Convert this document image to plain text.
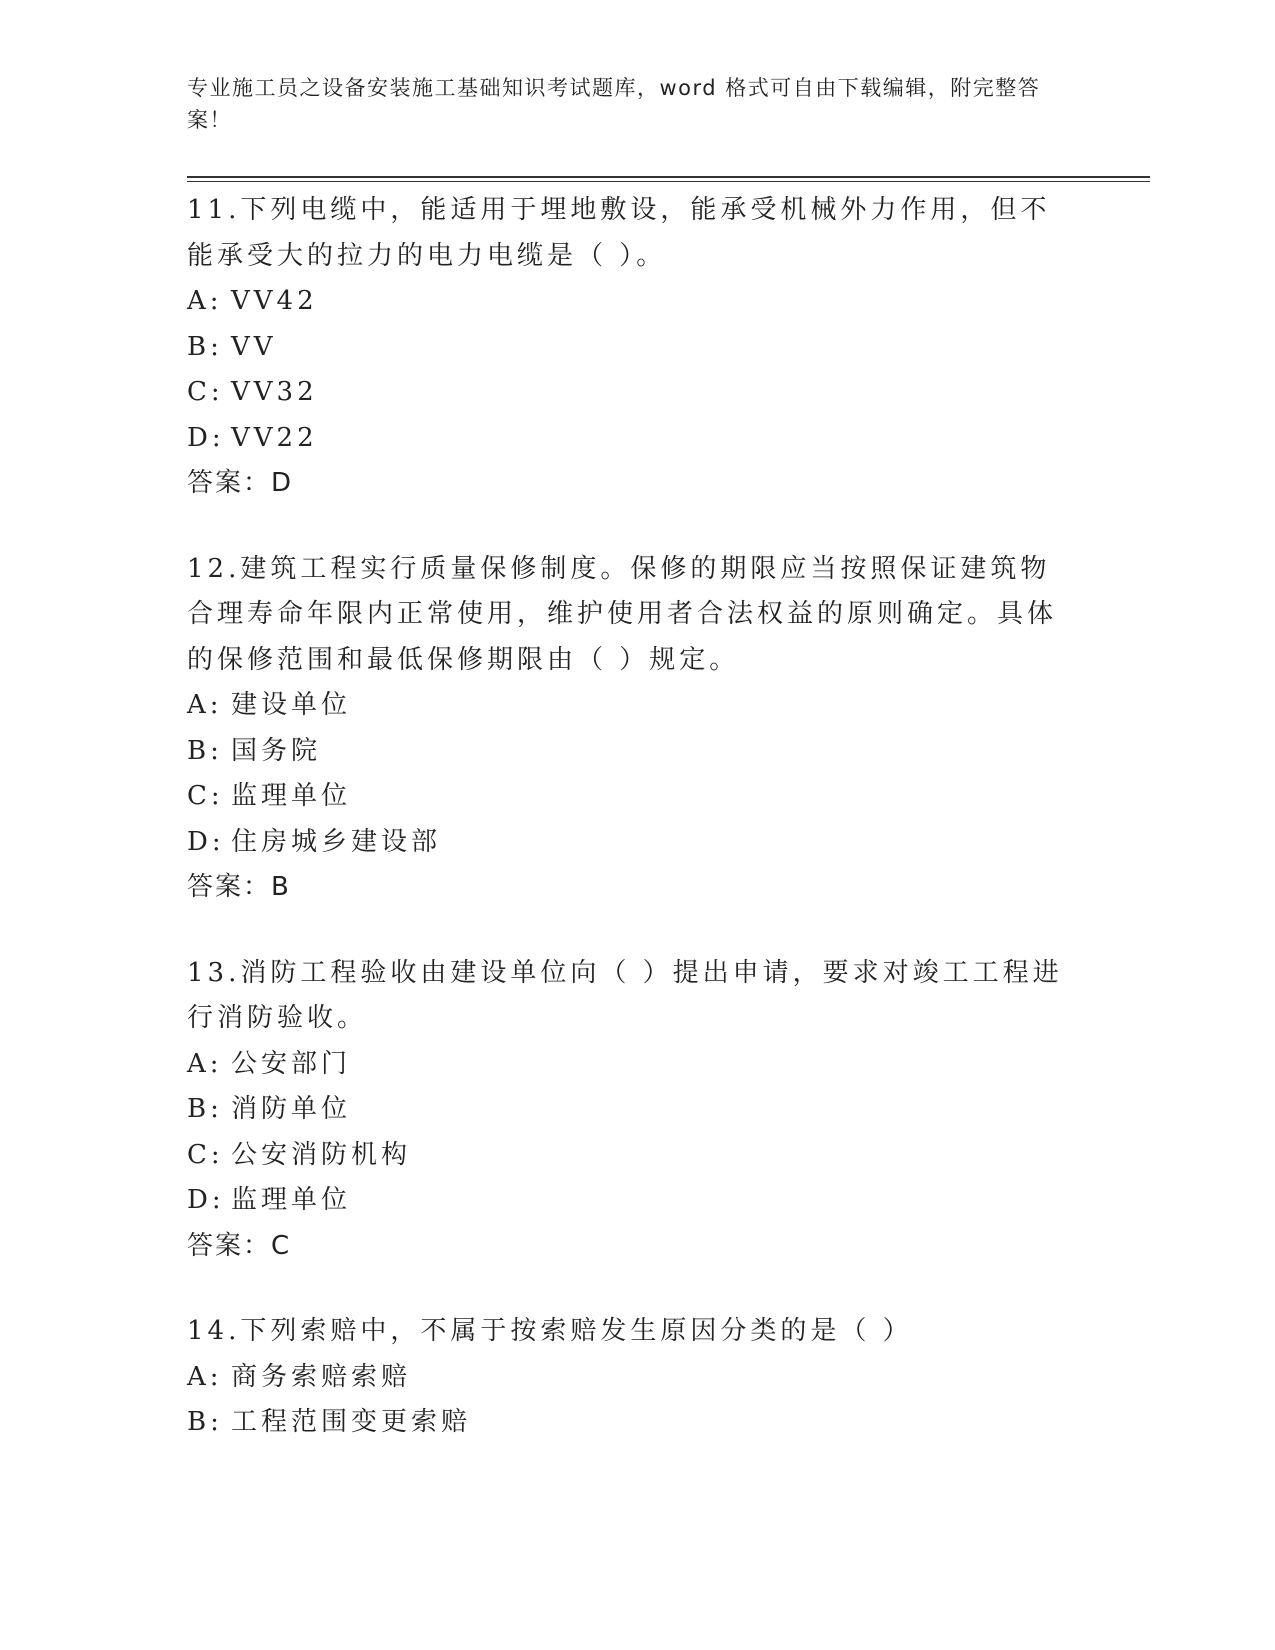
专业施工员之设备安装施工基础知识考试题库，word 格式可自由下载编辑，附完整答案！
11.下列电缆中，能适用于埋地敷设，能承受机械外力作用，但不能承受大的拉力的电力电缆是（ ）。
A: VV42
B: VV
C: VV32
D: VV22
答案：D
12.建筑工程实行质量保修制度。保修的期限应当按照保证建筑物合理寿命年限内正常使用，维护使用者合法权益的原则确定。具体的保修范围和最低保修期限由（ ）规定。
A: 建设单位
B: 国务院
C: 监理单位
D: 住房城乡建设部
答案：B
13.消防工程验收由建设单位向（ ）提出申请，要求对竣工工程进行消防验收。
A: 公安部门
B: 消防单位
C: 公安消防机构
D: 监理单位
答案：C
14.下列索赔中，不属于按索赔发生原因分类的是（ ）
A: 商务索赔索赔
B: 工程范围变更索赔
